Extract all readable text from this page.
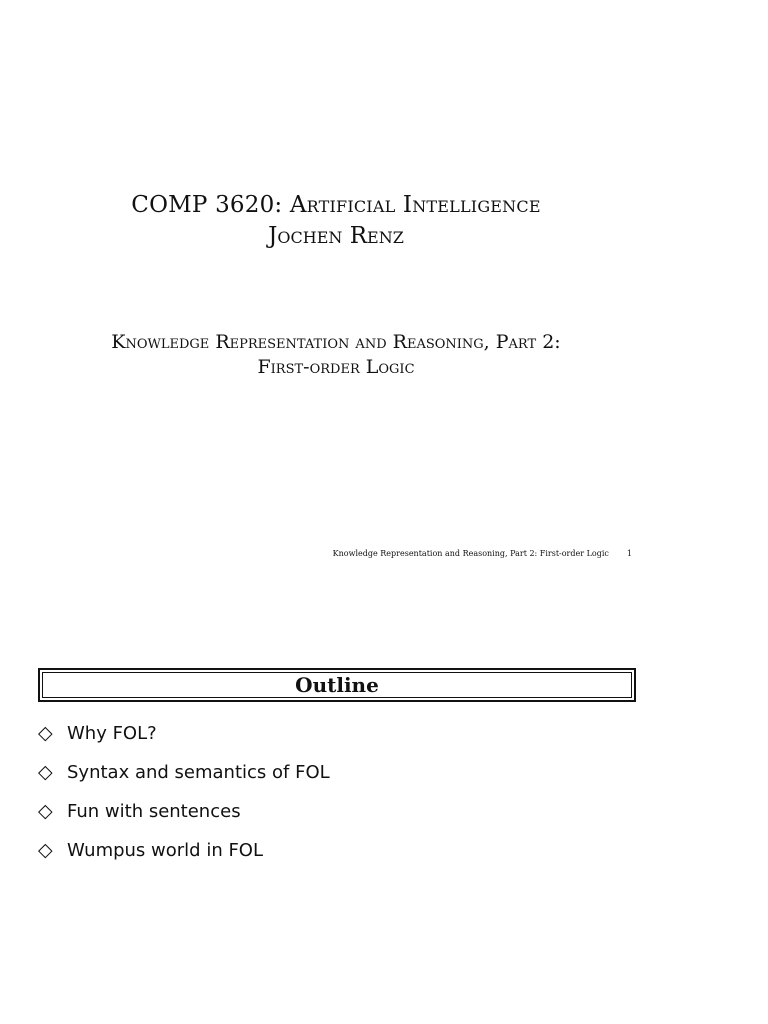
COMP 3620: Artificial Intelligence
Jochen Renz
Knowledge Representation and Reasoning, Part 2:
First-order Logic
Knowledge Representation and Reasoning, Part 2: First-order Logic 1
Outline
◇ Why FOL?
◇ Syntax and semantics of FOL
◇ Fun with sentences
◇ Wumpus world in FOL
